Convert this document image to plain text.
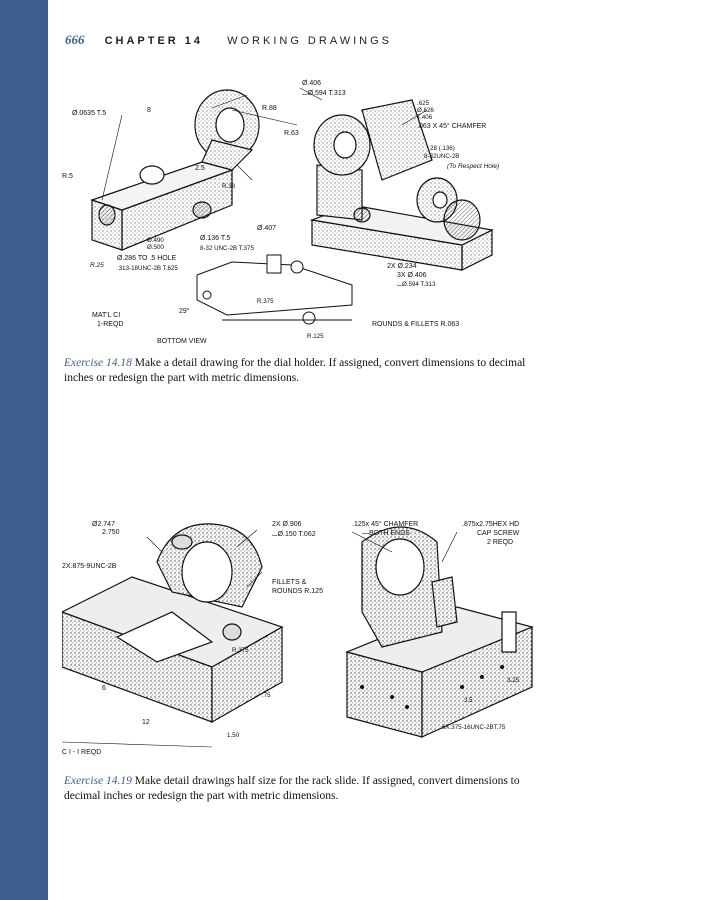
666 CHAPTER 14 WORKING DRAWINGS
Ø.0635 T.5
Ø.406
⌴Ø.594 T.313
R.88
.625
Ø.626
T.406
.063 X 45° CHAMFER
R.63
R.5
R.25
8
2.5
28 (.136)
8-32UNC-2B
(To Respect Hole)
R.38
Ø.407
Ø.136 T.5
8-32 UNC-2B T.375
Ø.490
Ø.500
Ø.286 TO .5 HOLE
.313-18UNC-2B T.625	2X Ø.234
3X Ø.406
⌴Ø.594 T.313
R.375
29°
MAT'L CI
1-REQD
BOTTOM VIEW
ROUNDS & FILLETS R.063
R.125
Exercise 14.18 Make a detail drawing for the dial holder. If assigned, convert dimensions to decimal inches or redesign the part with metric dimensions.
Ø2.747
2.750
2X Ø.906
⌴Ø.150 T.062
.125x 45° CHAMFER
—BOTH ENDS
.875x2.75HEX HD
CAP SCREW
2 REQD
2X.875-9UNC-2B
FILLETS &
ROUNDS R.125
6
12
R.375
C I - I REQD
6X.375-16UNC-2BT.75
3.5
3.25
1.50
.75
Exercise 14.19 Make detail drawings half size for the rack slide. If assigned, convert dimensions to decimal inches or redesign the part with metric dimensions.
